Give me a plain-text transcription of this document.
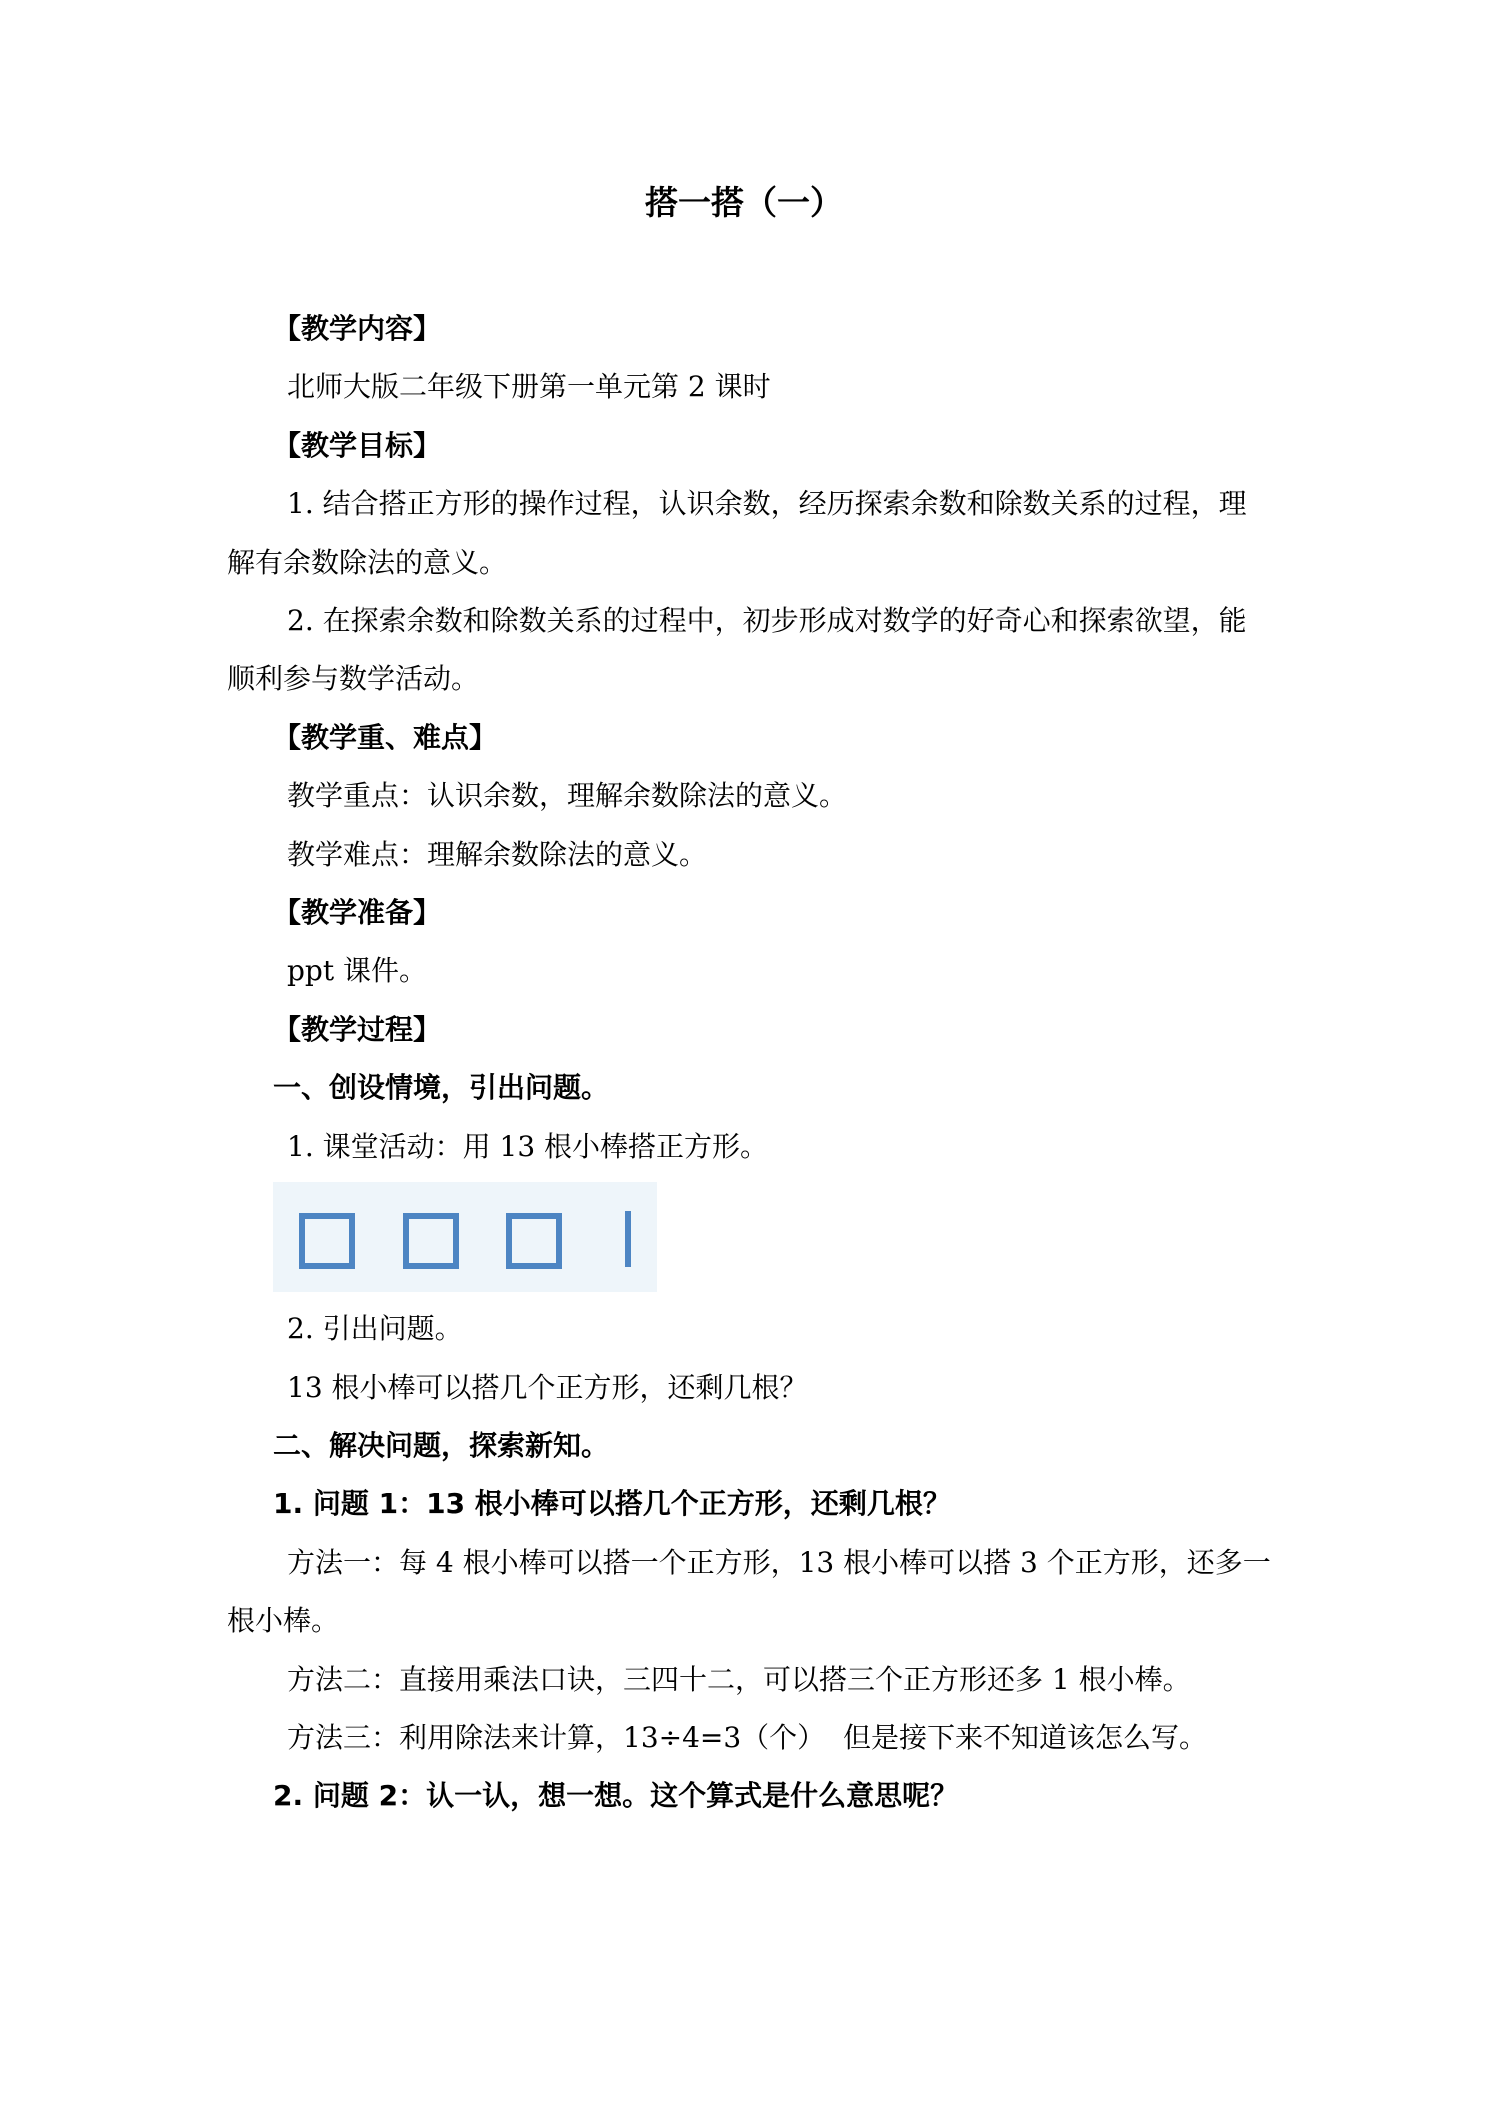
搭一搭（一）

【教学内容】

北师大版二年级下册第一单元第 2 课时

【教学目标】

1. 结合搭正方形的操作过程，认识余数，经历探索余数和除数关系的过程，理解有余数除法的意义。

2. 在探索余数和除数关系的过程中，初步形成对数学的好奇心和探索欲望，能顺利参与数学活动。

【教学重、难点】

教学重点：认识余数，理解余数除法的意义。

教学难点：理解余数除法的意义。

【教学准备】

ppt 课件。

【教学过程】

一、创设情境，引出问题。

1. 课堂活动：用 13 根小棒搭正方形。

2. 引出问题。

13 根小棒可以搭几个正方形，还剩几根？

二、解决问题，探索新知。

1. 问题 1：13 根小棒可以搭几个正方形，还剩几根？

方法一：每 4 根小棒可以搭一个正方形，13 根小棒可以搭 3 个正方形，还多一根小棒。

方法二：直接用乘法口诀，三四十二，可以搭三个正方形还多 1 根小棒。

方法三：利用除法来计算，13÷4=3（个）  但是接下来不知道该怎么写。

2. 问题 2：认一认，想一想。这个算式是什么意思呢？
